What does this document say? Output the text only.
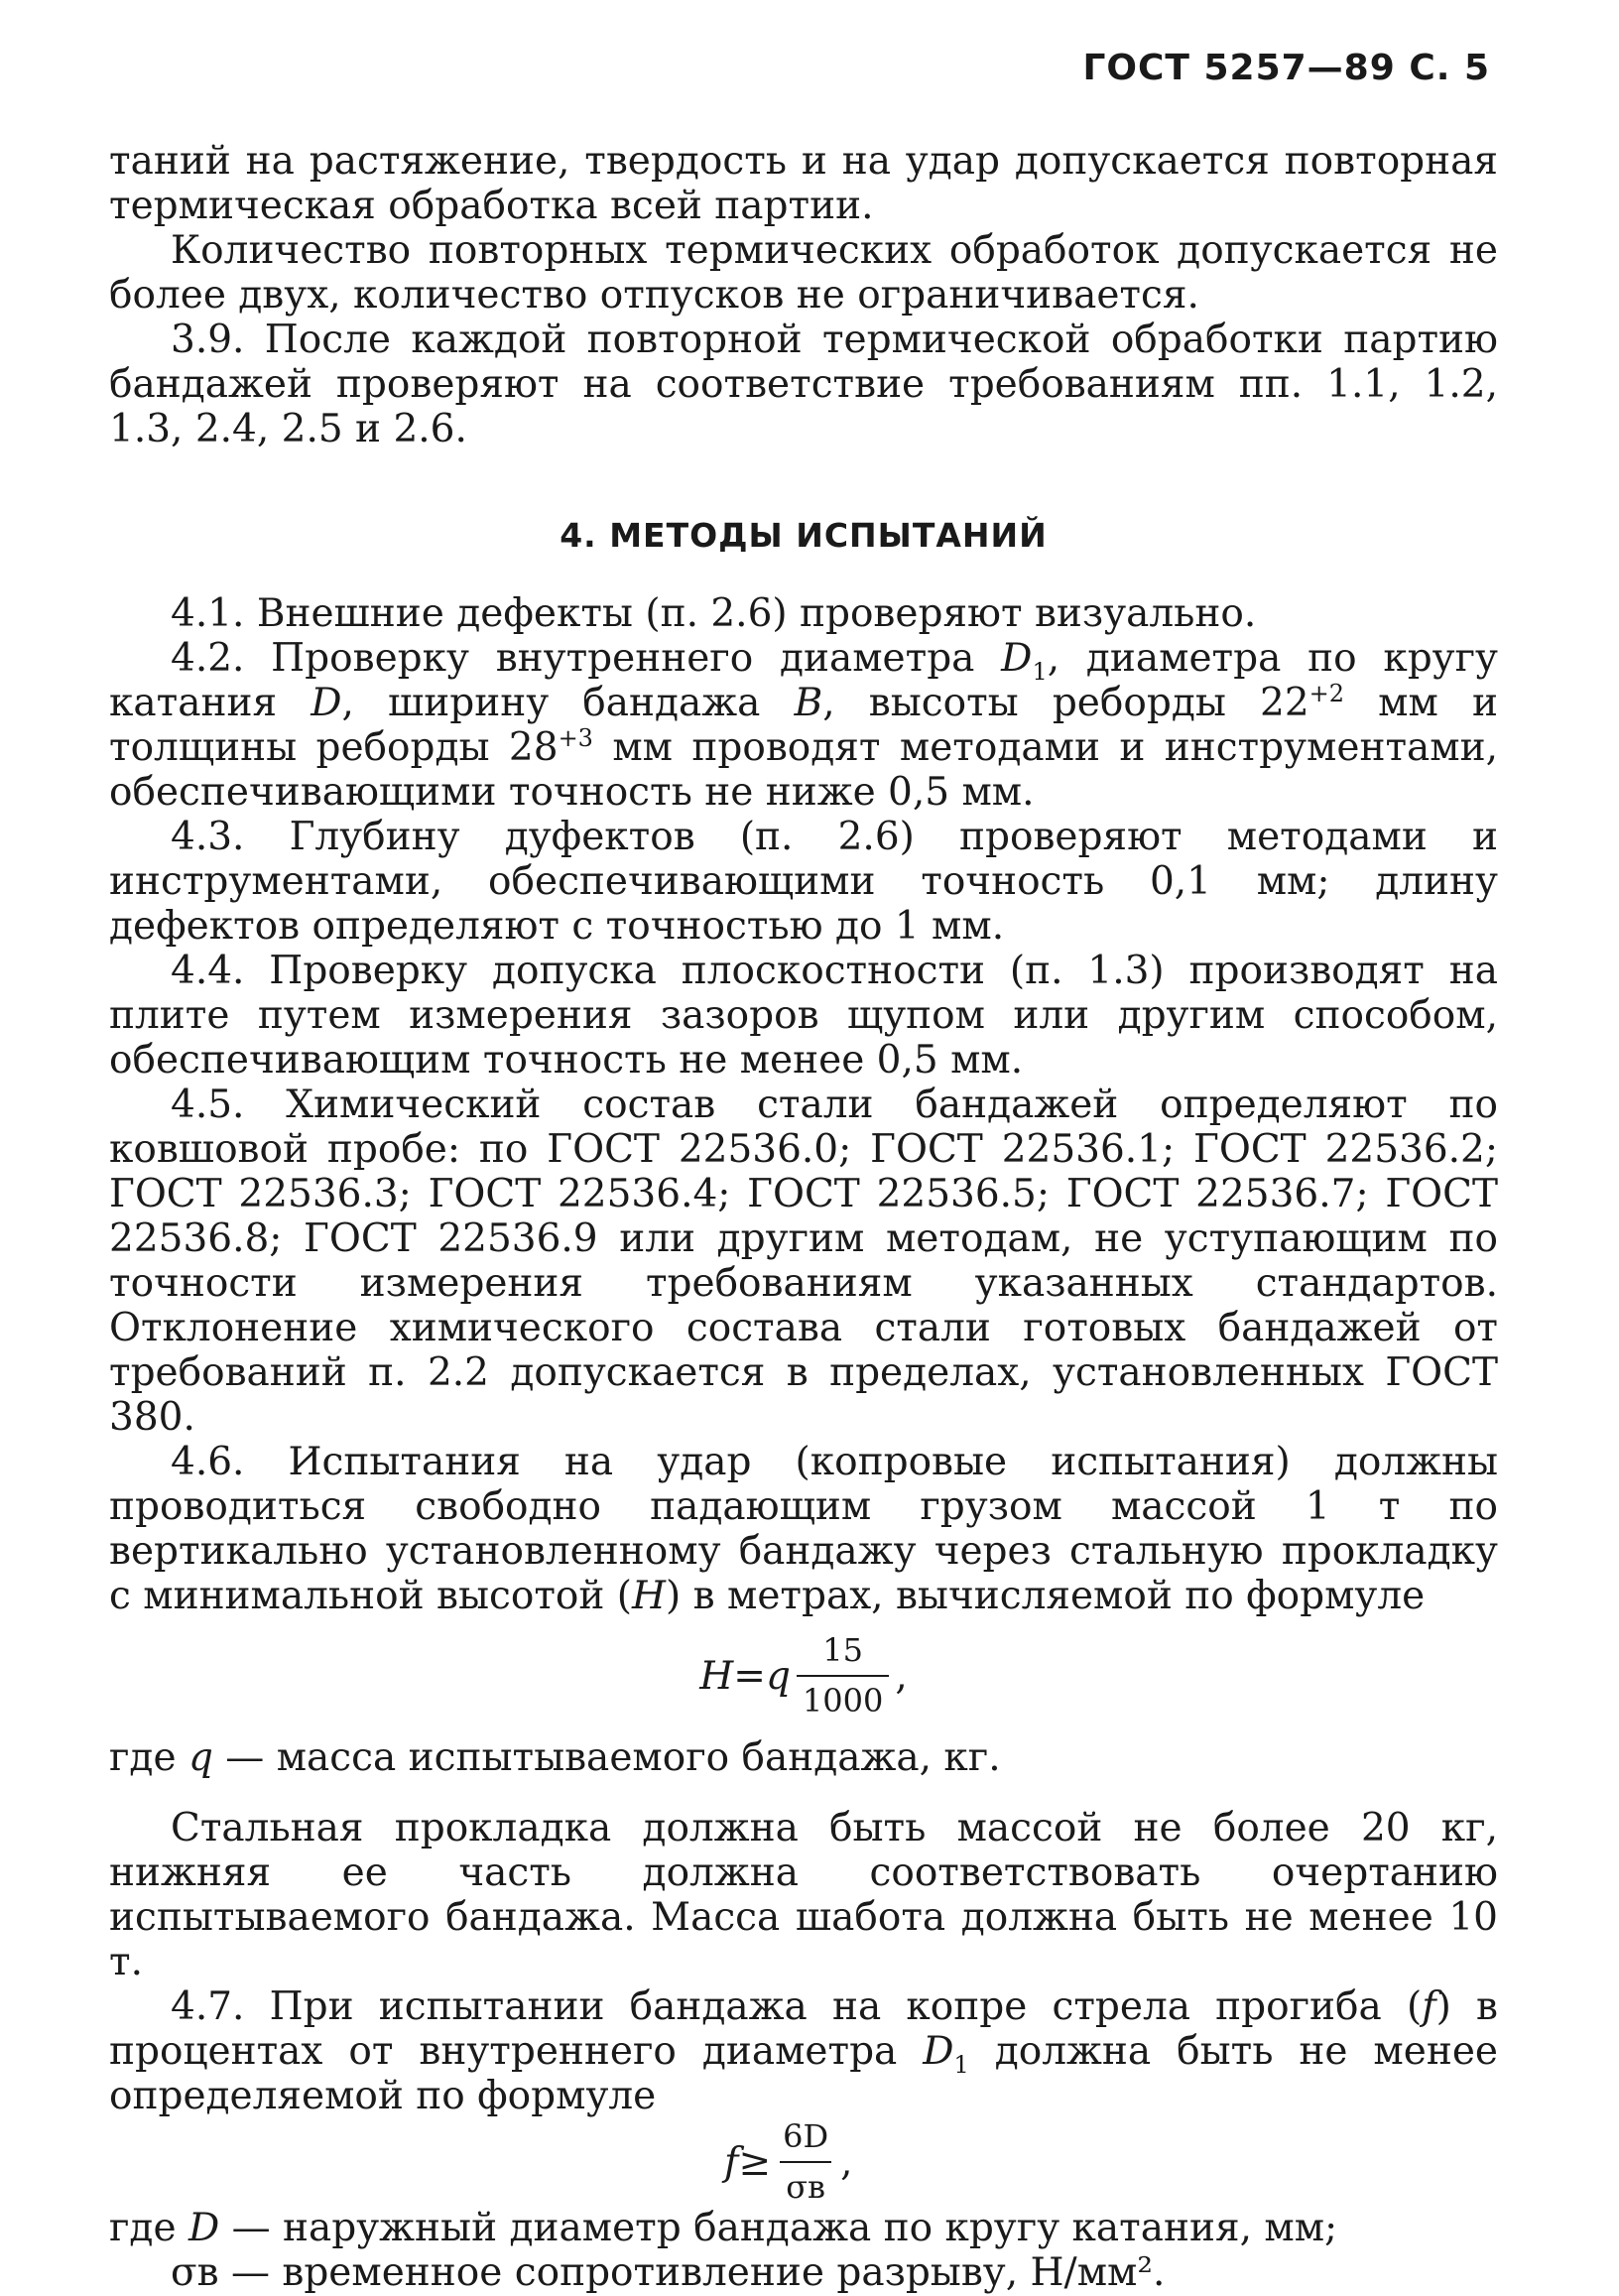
ГОСТ 5257—89 С. 5

таний на растяжение, твердость и на удар допускается повторная термическая обработка всей партии.

Количество повторных термических обработок допускается не более двух, количество отпусков не ограничивается.

3.9. После каждой повторной термической обработки партию бандажей проверяют на соответствие требованиям пп. 1.1, 1.2, 1.3, 2.4, 2.5 и 2.6.

4. МЕТОДЫ ИСПЫТАНИЙ

4.1. Внешние дефекты (п. 2.6) проверяют визуально.

4.2. Проверку внутреннего диаметра $D_1$, диаметра по кругу катания D, ширину бандажа B, высоты реборды $22^{+2}$ мм и толщины реборды $28^{+3}$ мм проводят методами и инструментами, обеспечивающими точность не ниже 0,5 мм.

4.3. Глубину дуфектов (п. 2.6) проверяют методами и инструментами, обеспечивающими точность 0,1 мм; длину дефектов определяют с точностью до 1 мм.

4.4. Проверку допуска плоскостности (п. 1.3) производят на плите путем измерения зазоров щупом или другим способом, обеспечивающим точность не менее 0,5 мм.

4.5. Химический состав стали бандажей определяют по ковшовой пробе: по ГОСТ 22536.0; ГОСТ 22536.1; ГОСТ 22536.2; ГОСТ 22536.3; ГОСТ 22536.4; ГОСТ 22536.5; ГОСТ 22536.7; ГОСТ 22536.8; ГОСТ 22536.9 или другим методам, не уступающим по точности измерения требованиям указанных стандартов. Отклонение химического состава стали готовых бандажей от требований п. 2.2 допускается в пределах, установленных ГОСТ 380.

4.6. Испытания на удар (копровые испытания) должны проводиться свободно падающим грузом массой 1 т по вертикально установленному бандажу через стальную прокладку с минимальной высотой (H) в метрах, вычисляемой по формуле

H = q $\frac{15}{1000}$ ,

где q — масса испытываемого бандажа, кг.

Стальная прокладка должна быть массой не более 20 кг, нижняя ее часть должна соответствовать очертанию испытываемого бандажа. Масса шабота должна быть не менее 10 т.

4.7. При испытании бандажа на копре стрела прогиба (f) в процентах от внутреннего диаметра $D_1$ должна быть не менее определяемой по формуле

$f \ge \frac{6D}{\sigma в}$ ,

где D — наружный диаметр бандажа по кругу катания, мм;

σв — временное сопротивление разрыву, Н/мм².
